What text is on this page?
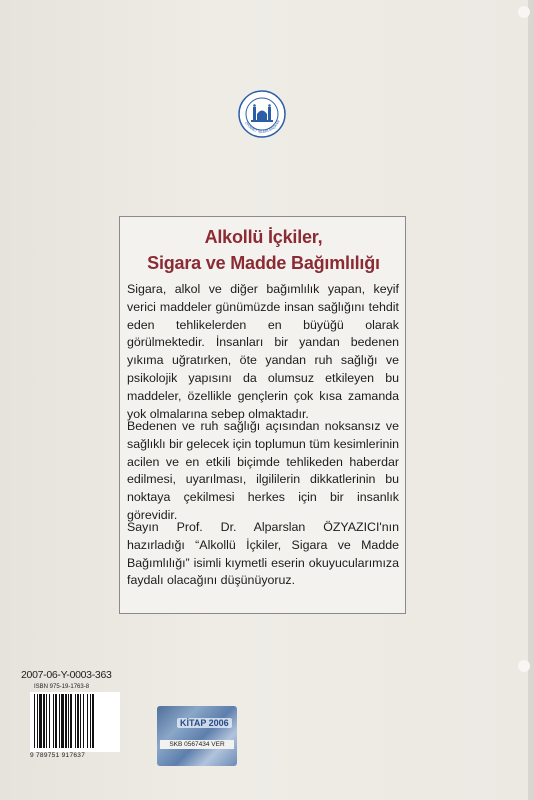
DİYANET İŞLERİ BAŞKAN
Alkollü İçkiler,
Sigara ve Madde Bağımlılığı

Sigara, alkol ve diğer bağımlılık yapan, keyif verici maddeler günümüzde insan sağlığını tehdit eden tehlikelerden en büyüğü olarak görülmektedir. İnsanları bir yandan bedenen yıkıma uğratırken, öte yandan ruh sağlığı ve psikolojik yapısını da olumsuz etkileyen bu maddeler, özellikle gençlerin çok kısa zamanda yok olmalarına sebep olmaktadır.

Bedenen ve ruh sağlığı açısından noksansız ve sağlıklı bir gelecek için toplumun tüm kesimlerinin acilen ve en etkili biçimde tehlikeden haberdar edilmesi, uyarılması, ilgililerin dikkatlerinin bu noktaya çekilmesi herkes için bir insanlık görevidir.

Sayın Prof. Dr. Alparslan ÖZYAZICI'nın hazırladığı “Alkollü İçkiler, Sigara ve Madde Bağımlılığı” isimli kıymetli eserin okuyucularımıza faydalı olacağını düşünüyoruz.

2007-06-Y-0003-363
ISBN 975-19-1763-8
9 789751 917637
KİTAP 2006
SKB 0567434 VER
